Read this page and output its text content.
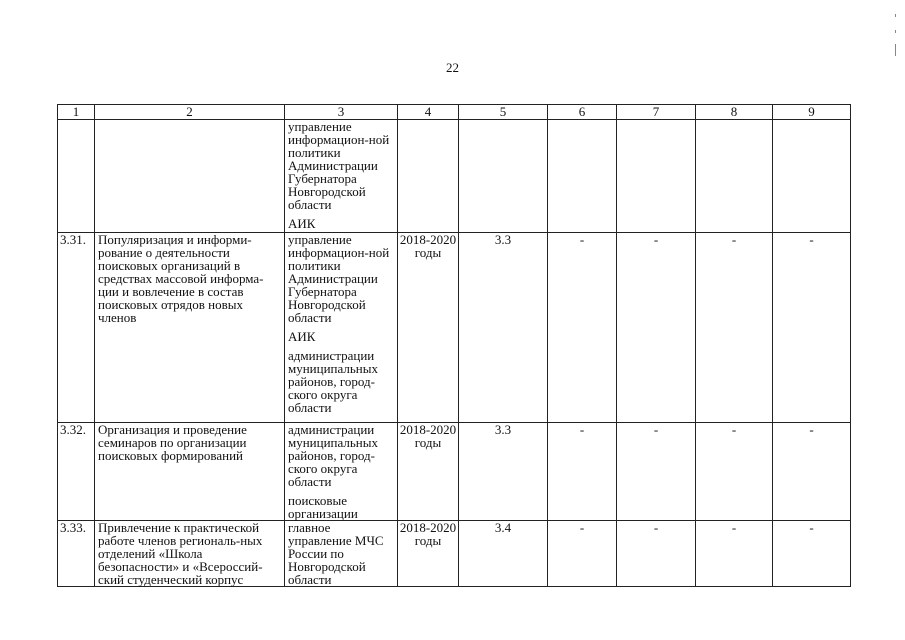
22
1	2	3	4	5	6	7	8	9

		управление информацион-ной политики Администрации Губернатора Новгородской области
АИК						

3.31.	Популяризация и информи-рование о деятельности поисковых организаций в средствах массовой информа-ции и вовлечение в состав поисковых отрядов новых членов	управление информацион-ной политики Администрации Губернатора Новгородской области
АИК
администрации муниципальных районов, город-ского округа области	2018-2020 годы	3.3	-	-	-	-
3.32.	Организация и проведение семинаров по организации поисковых формирований	администрации муниципальных районов, город-ского округа области
поисковые организации	2018-2020 годы	3.3	-	-	-	-
3.33.	Привлечение к практической работе членов региональ-ных отделений «Школа безопасности» и «Всероссий-ский студенческий корпус	главное управление МЧС России по Новгородской области	2018-2020 годы	3.4	-	-	-	-
